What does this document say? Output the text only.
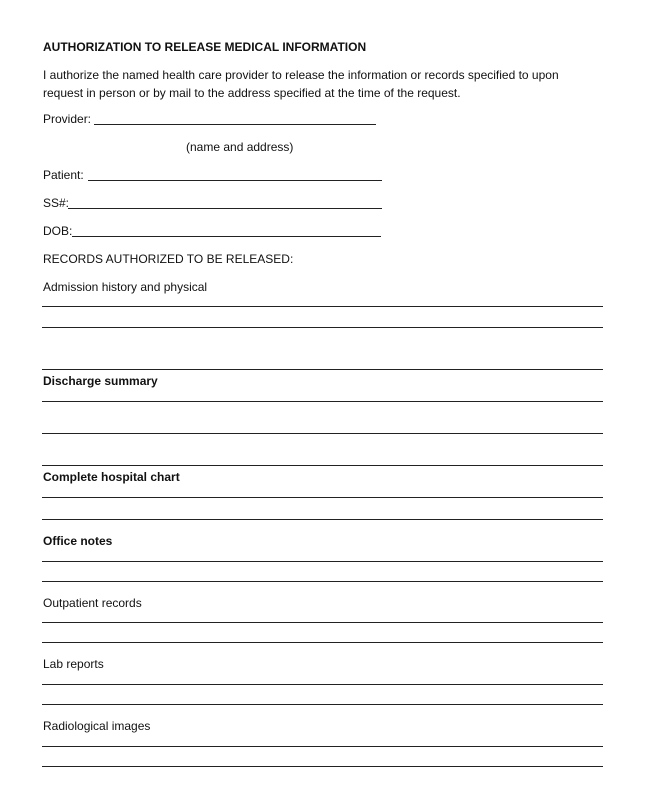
AUTHORIZATION TO RELEASE MEDICAL INFORMATION
I authorize the named health care provider to release the information or records specified to upon
request in person or by mail to the address specified at the time of the request.
Provider:
(name and address)
Patient:
SS#:
DOB:
RECORDS AUTHORIZED TO BE RELEASED:
Admission history and physical
Discharge summary
Complete hospital chart
Office notes
Outpatient records
Lab reports
Radiological images
